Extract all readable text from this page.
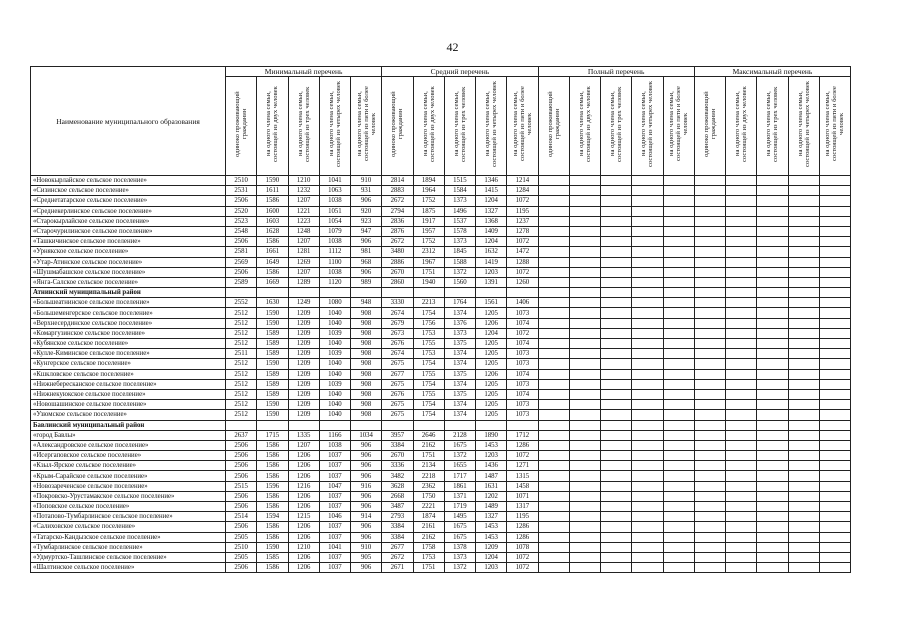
42
Наименование муниципального образования	Минимальный перечень					Средний перечень					Полный перечень					Максимальный перечень				
	одиноко проживающий гражданин	на одного члена семьи, состоящей из двух человек	на одного члена семьи, состоящей из трех человек	на одного члена семьи, состоящей из четырех человек	на одного члена семьи, состоящей из пяти и более человек	одиноко проживающий гражданин	на одного члена семьи, состоящей из двух человек	на одного члена семьи, состоящей из трех человек	на одного члена семьи, состоящей из четырех человек	на одного члена семьи, состоящей из пяти и более человек	одиноко проживающий гражданин	на одного члена семьи, состоящей из двух человек	на одного члена семьи, состоящей из трех человек	на одного члена семьи, состоящей из четырех человек	на одного члена семьи, состоящей из пяти и более человек	одиноко проживающий гражданин	на одного члена семьи, состоящей из двух человек	на одного члена семьи, состоящей из трех человек	на одного члена семьи, состоящей из четырех человек	на одного члена семьи, состоящей из пяти и более человек
«Новокырлайское сельское поселение»	2510	1590	1210	1041	910	2814	1894	1515	1346	1214										
«Сизинское сельское поселение»	2531	1611	1232	1063	931	2883	1964	1584	1415	1284										
«Среднетатарское сельское поселение»	2506	1586	1207	1038	906	2672	1752	1373	1204	1072										
«Среднекерлинское сельское поселение»	2520	1600	1221	1051	920	2794	1875	1496	1327	1195										
«Старокырлайское сельское поселение»	2523	1603	1223	1054	923	2836	1917	1537	1368	1237										
«Старочурилинское сельское поселение»	2548	1628	1248	1079	947	2876	1957	1578	1409	1278										
«Ташкичинское сельское поселение»	2506	1586	1207	1038	906	2672	1752	1373	1204	1072										
«Урнякское сельское поселение»	2581	1661	1281	1112	981	3480	2312	1845	1632	1472										
«Утар-Атинское сельское поселение»	2569	1649	1269	1100	968	2886	1967	1588	1419	1288										
«Шушмабашское сельское поселение»	2506	1586	1207	1038	906	2670	1751	1372	1203	1072										
«Янга-Салское сельское поселение»	2589	1669	1289	1120	989	2860	1940	1560	1391	1260										
Атнинский муниципальный район																				
«Большеатнинское сельское поселение»	2552	1630	1249	1080	948	3330	2213	1764	1561	1406										
«Большеменгерское сельское поселение»	2512	1590	1209	1040	908	2674	1754	1374	1205	1073										
«Верхнесердинское сельское поселение»	2512	1590	1209	1040	908	2679	1756	1376	1206	1074										
«Комаргузинское сельское поселение»	2512	1589	1209	1039	908	2673	1753	1373	1204	1072										
«Кубянское сельское поселение»	2512	1589	1209	1040	908	2676	1755	1375	1205	1074										
«Кулле-Киминское сельское поселение»	2511	1589	1209	1039	908	2674	1753	1374	1205	1073										
«Кунгерское сельское поселение»	2512	1590	1209	1040	908	2675	1754	1374	1205	1073										
«Кшкловское сельское поселение»	2512	1589	1209	1040	908	2677	1755	1375	1206	1074										
«Нижнебересканское сельское поселение»	2512	1589	1209	1039	908	2675	1754	1374	1205	1073										
«Нижнекуюкское сельское поселение»	2512	1589	1209	1040	908	2676	1755	1375	1205	1074										
«Новошашинское сельское поселение»	2512	1590	1209	1040	908	2675	1754	1374	1205	1073										
«Узюмское сельское поселение»	2512	1590	1209	1040	908	2675	1754	1374	1205	1073										
Бавлинский муниципальный район																				
«город Бавлы»	2637	1715	1335	1166	1034	3957	2646	2128	1890	1712										
«Александровское сельское поселение»	2506	1586	1207	1038	906	3384	2162	1675	1453	1286										
«Исергаповское сельское поселение»	2506	1586	1206	1037	906	2670	1751	1372	1203	1072										
«Кзыл-Ярское сельское поселение»	2506	1586	1206	1037	906	3336	2134	1655	1436	1271										
«Крым-Сарайское сельское поселение»	2506	1586	1206	1037	906	3482	2218	1717	1487	1315										
«Новозареченское сельское поселение»	2515	1596	1216	1047	916	3628	2362	1861	1631	1458										
«Покровско-Урустамакское сельское поселение»	2506	1586	1206	1037	906	2668	1750	1371	1202	1071										
«Поповское сельское поселение»	2506	1586	1206	1037	906	3487	2221	1719	1489	1317										
«Потапово-Тумбарлинское сельское поселение»	2514	1594	1215	1046	914	2793	1874	1495	1327	1195										
«Салиховское сельское поселение»	2506	1586	1206	1037	906	3384	2161	1675	1453	1286										
«Татарско-Кандызское сельское поселение»	2505	1586	1206	1037	906	3384	2162	1675	1453	1286										
«Тумбарлинское сельское поселение»	2510	1590	1210	1041	910	2677	1758	1378	1209	1078										
«Удмуртско-Ташлинское сельское поселение»	2505	1585	1206	1037	905	2672	1753	1373	1204	1072										
«Шалтинское сельское поселение»	2506	1586	1206	1037	906	2671	1751	1372	1203	1072										
